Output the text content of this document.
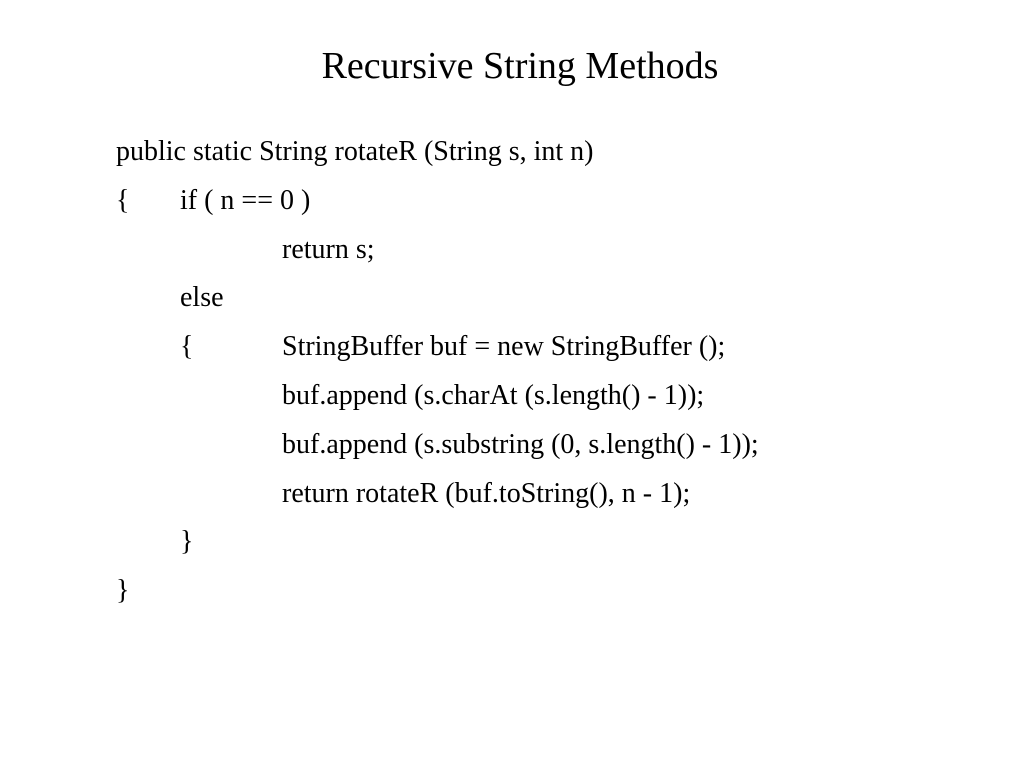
Recursive String Methods
public static String rotateR (String s, int n)
{ if ( n == 0 )
return s;
else
{	StringBuffer buf = new StringBuffer ();
buf.append (s.charAt (s.length() - 1));
buf.append (s.substring (0, s.length() - 1));
return rotateR (buf.toString(), n - 1);
}
}
